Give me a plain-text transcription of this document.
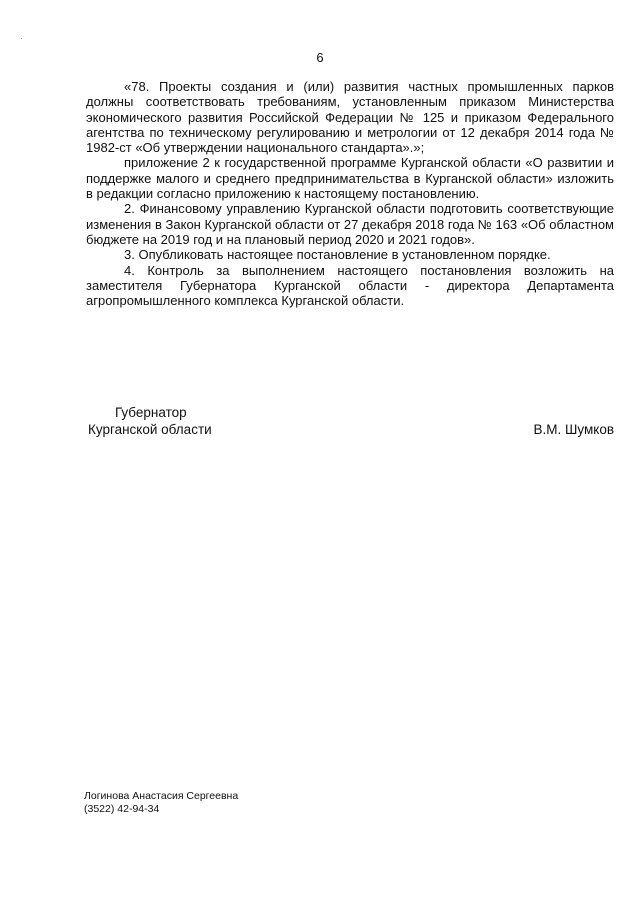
6

«78. Проекты создания и (или) развития частных промышленных парков должны соответствовать требованиям, установленным приказом Министерства экономического развития Российской Федерации № 125 и приказом Федерального агентства по техническому регулированию и метрологии от 12 декабря 2014 года № 1982-ст «Об утверждении национального стандарта».»;

приложение 2 к государственной программе Курганской области «О развитии и поддержке малого и среднего предпринимательства в Курганской области» изложить в редакции согласно приложению к настоящему постановлению.

2. Финансовому управлению Курганской области подготовить соответствующие изменения в Закон Курганской области от 27 декабря 2018 года № 163 «Об областном бюджете на 2019 год и на плановый период 2020 и 2021 годов».

3. Опубликовать настоящее постановление в установленном порядке.

4. Контроль за выполнением настоящего постановления возложить на заместителя Губернатора Курганской области - директора Департамента агропромышленного комплекса Курганской области.

Губернатор
Курганской области	В.М. Шумков
Логинова Анастасия Сергеевна
(3522) 42-94-34
